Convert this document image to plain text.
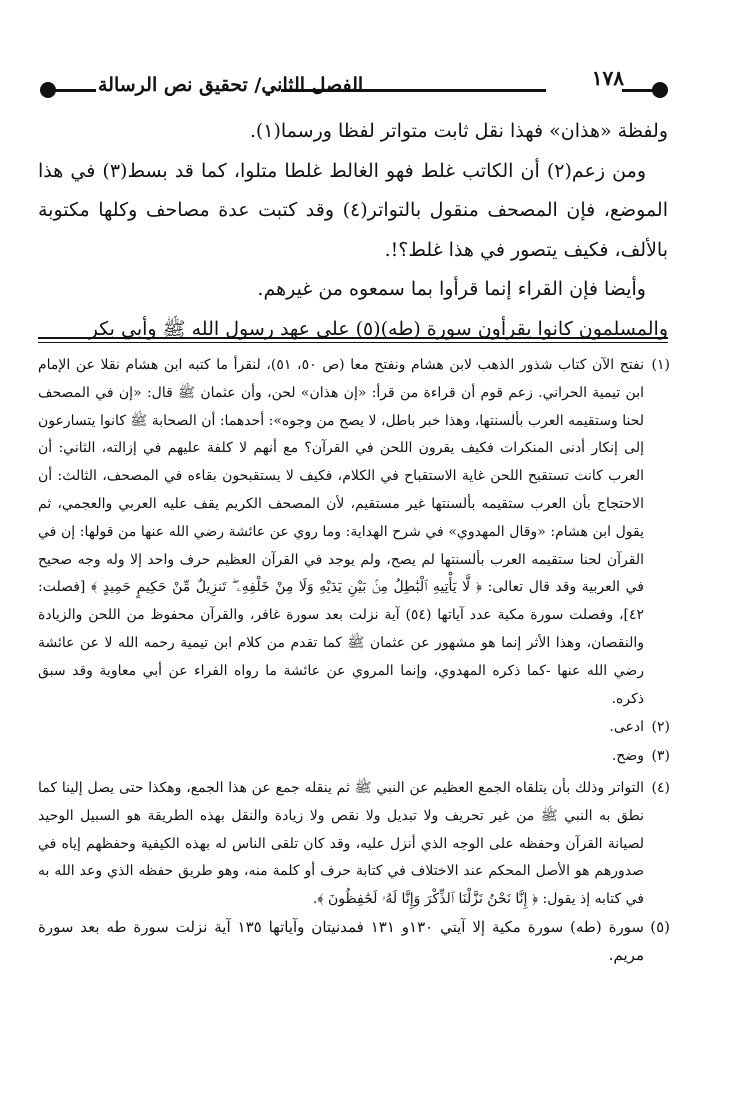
١٧٨
الفصل الثاني/ تحقيق نص الرسالة

ولفظة «هذان» فهذا نقل ثابت متواتر لفظا ورسما(١).

ومن زعم(٢) أن الكاتب غلط فهو الغالط غلطا متلوا، كما قد بسط(٣) في هذا الموضع، فإن المصحف منقول بالتواتر(٤) وقد كتبت عدة مصاحف وكلها مكتوبة بالألف، فكيف يتصور في هذا غلط؟!.

وأيضا فإن القراء إنما قرأوا بما سمعوه من غيرهم.

والمسلمون كانوا يقرأون سورة (طه)(٥) على عهد رسول الله ﷺ وأبي بكر

(١)نفتح الآن كتاب شذور الذهب لابن هشام ونفتح معا (ص ٥٠، ٥١)، لنقرأ ما كتبه ابن هشام نقلا عن الإمام ابن تيمية الحراني. زعم قوم أن قراءة من قرأ: «إن هذان» لحن، وأن عثمان ﷺ قال: «إن في المصحف لحنا وستقيمه العرب بألسنتها، وهذا خبر باطل، لا يصح من وجوه»: أحدهما: أن الصحابة ﷺ كانوا يتسارعون إلى إنكار أدنى المنكرات فكيف يقرون اللحن في القرآن؟ مع أنهم لا كلفة عليهم في إزالته، الثاني: أن العرب كانت تستقبح اللحن غاية الاستقباح في الكلام، فكيف لا يستقبحون بقاءه في المصحف، الثالث: أن الاحتجاج بأن العرب ستقيمه بألسنتها غير مستقيم، لأن المصحف الكريم يقف عليه العربي والعجمي، ثم يقول ابن هشام: «وقال المهدوي» في شرح الهداية: وما روي عن عائشة رضي الله عنها من قولها: إن في القرآن لحنا ستقيمه العرب بألسنتها لم يصح، ولم يوجد في القرآن العظيم حرف واحد إلا وله وجه صحيح في العربية وقد قال تعالى: ﴿ لَّا يَأْتِيهِ ٱلْبَٰطِلُ مِنۢ بَيْنِ يَدَيْهِ وَلَا مِنْ خَلْفِهِۦ ۖ تَنزِيلٌ مِّنْ حَكِيمٍ حَمِيدٍ ﴾ [فصلت: ٤٢]، وفصلت سورة مكية عدد آياتها (٥٤) آية نزلت بعد سورة غافر، والقرآن محفوظ من اللحن والزيادة والنقصان، وهذا الأثر إنما هو مشهور عن عثمان ﷺ كما تقدم من كلام ابن تيمية رحمه الله لا عن عائشة رضي الله عنها -كما ذكره المهدوي، وإنما المروي عن عائشة ما رواه الفراء عن أبي معاوية وقد سبق ذكره.

(٢)ادعى.

(٣)وضح.

(٤)التواتر وذلك بأن يتلقاه الجمع العظيم عن النبي ﷺ ثم ينقله جمع عن هذا الجمع، وهكذا حتى يصل إلينا كما نطق به النبي ﷺ من غير تحريف ولا تبديل ولا نقص ولا زيادة والنقل بهذه الطريقة هو السبيل الوحيد لصيانة القرآن وحفظه على الوجه الذي أنزل عليه، وقد كان تلقى الناس له بهذه الكيفية وحفظهم إياه في صدورهم هو الأصل المحكم عند الاختلاف في كتابة حرف أو كلمة منه، وهو طريق حفظه الذي وعد الله به في كتابه إذ يقول: ﴿ إِنَّا نَحْنُ نَزَّلْنَا ٱلذِّكْرَ وَإِنَّا لَهُۥ لَحَٰفِظُونَ ﴾.

(٥)سورة (طه) سورة مكية إلا آيتي ١٣٠و ١٣١ فمدنيتان وآياتها ١٣٥ آية نزلت سورة طه بعد سورة مريم.
